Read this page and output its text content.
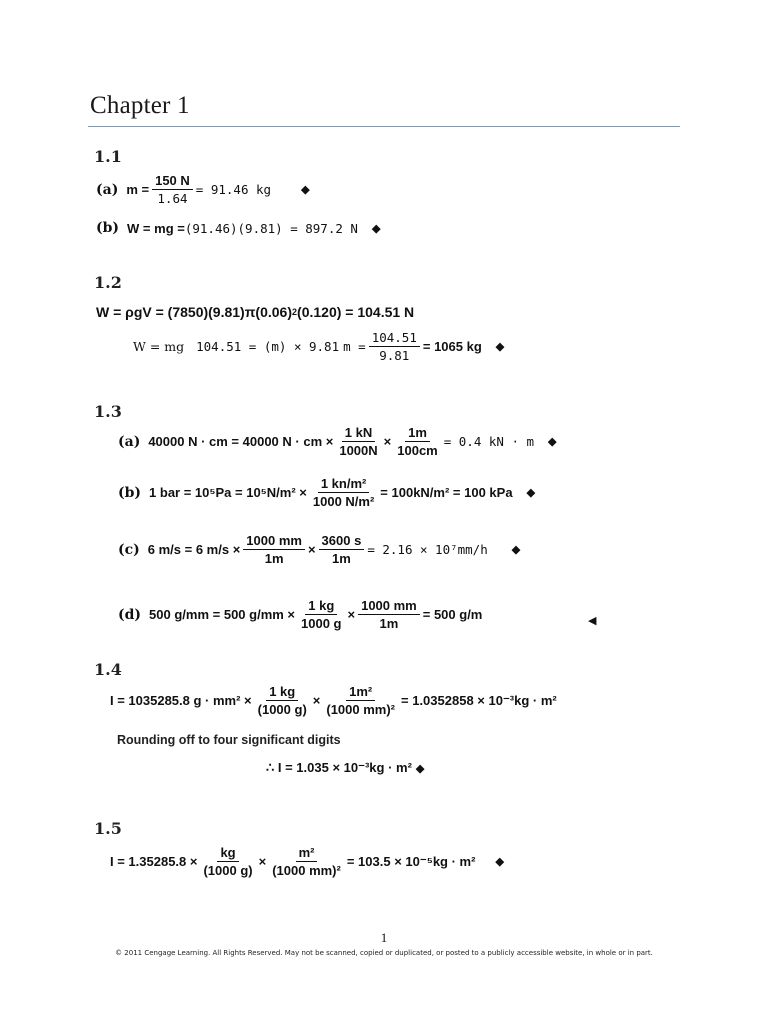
Chapter 1
1.1
(a) $m = \frac{150 N}{1.64} = 91.46$ kg	◆
(b) W = mg = (91.46)(9.81) = 897.2 N ◆
1.2
W = ρgV = (7850)(9.81)π(0.06) 2 (0.120) = 104.51 N
W = mg 104.51 = (m) × 9.81 $m = \frac{104.51}{9.81} = 1065$ kg ◆
1.3
(a) 40000 N · cm = 40000 N · cm × $\frac{1 kN}{1000N} \times \frac{1m}{100cm} = 0.4$ kN · m ◆
(b) 1 bar = $10^5Pa = 10^5N/m^2 \times \frac{\text{1 kn/m²}}{\text{1000 N/m²}} = 100kN/m^2 = 100$ kPa ◆
(c) 6 m/s = 6 $m/s \times \frac{1000 mm}{1m} \times \frac{3600 s}{1m} = 2.16 \times 10^7mm/h$ ◆
(d) 500 g/mm = 500 $g/mm \times \frac{1 kg}{1000 g} \times \frac{1000 mm}{1m} = 500$ g/m	◀
1.4
I = 1035285.8 $g \cdot mm^2 \times \frac{1 kg}{(1000 g)} \times \frac{\text{1m²}}{\text{(1000 mm)²}} = 1.0352858 \times 10^{-3}kg \cdot m^2$
Rounding off to four significant digits
∴ I = 1.035 × 10⁻³kg · m² ◆
1.5
$I = 1.35285.8 \times \frac{kg}{(1000 g)} \times \frac{\text{m²}}{\text{(1000 mm)²}} = 103.5 \times 10^{-5}kg \cdot m^2$ ◆
1
© 2011 Cengage Learning. All Rights Reserved. May not be scanned, copied or duplicated, or posted to a publicly accessible website, in whole or in part.
